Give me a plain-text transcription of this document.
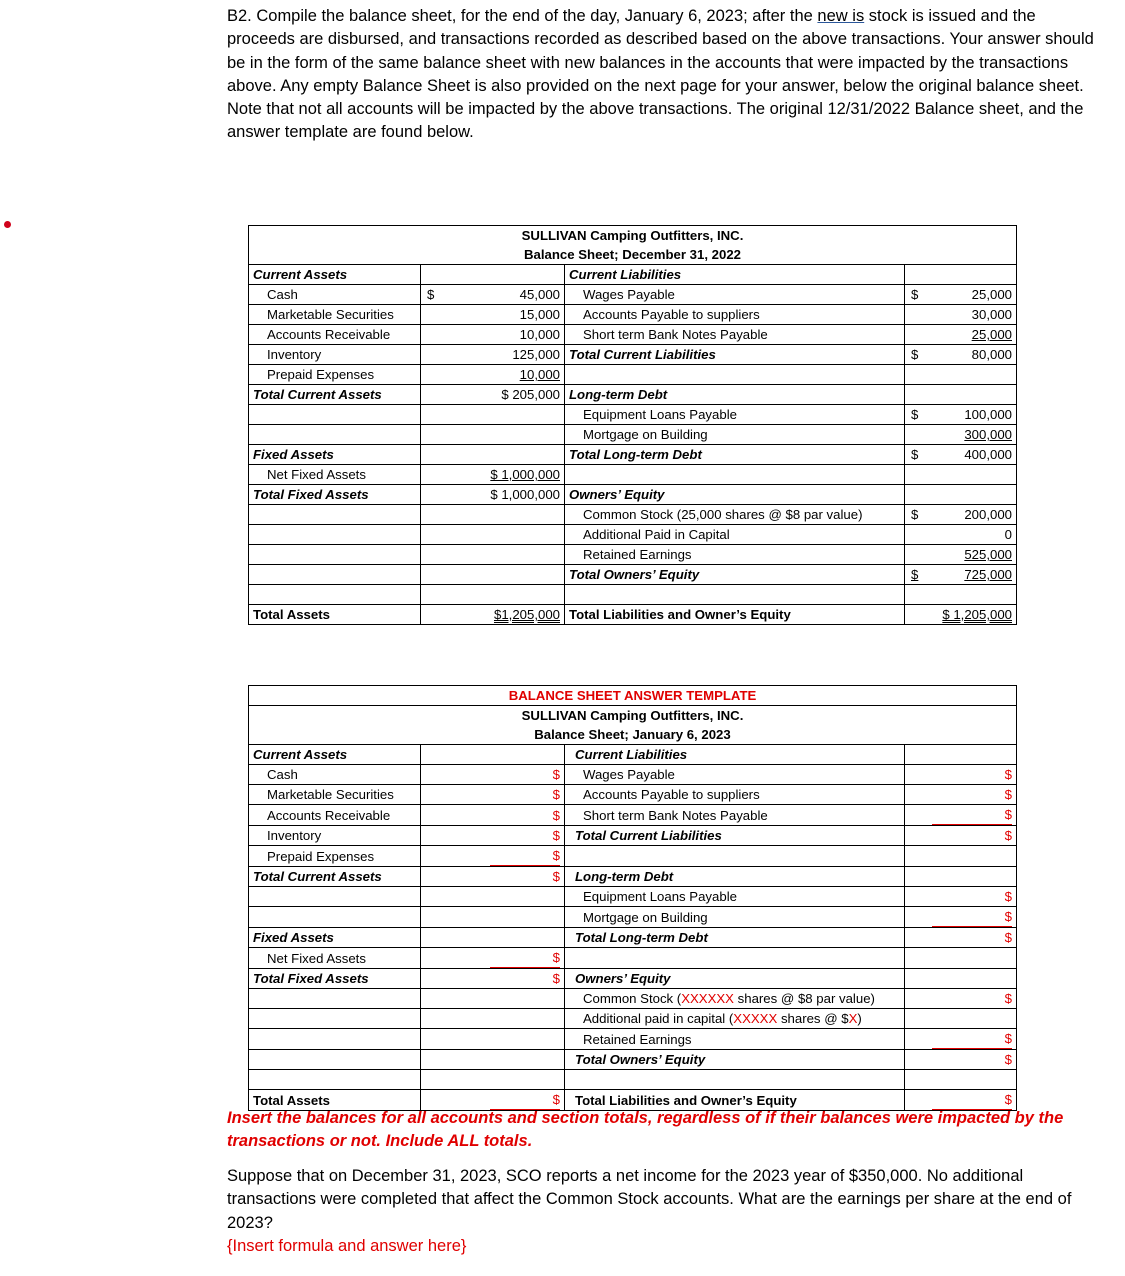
B2. Compile the balance sheet, for the end of the day, January 6, 2023; after the new is stock is issued and the proceeds are disbursed, and transactions recorded as described based on the above transactions. Your answer should be in the form of the same balance sheet with new balances in the accounts that were impacted by the transactions above. Any empty Balance Sheet is also provided on the next page for your answer, below the original balance sheet. Note that not all accounts will be impacted by the above transactions. The original 12/31/2022 Balance sheet, and the answer template are found below.
SULLIVAN Camping Outfitters, INC.
Balance Sheet; December 31, 2022			

Current Assets		Current Liabilities	
Cash	$ 45,000	Wages Payable	$ 25,000
Marketable Securities	15,000	Accounts Payable to suppliers	30,000
Accounts Receivable	10,000	Short term Bank Notes Payable	25,000
Inventory	125,000	Total Current Liabilities	$ 80,000
Prepaid Expenses	10,000		
Total Current Assets	$ 205,000	Long-term Debt	
		Equipment Loans Payable	$ 100,000
		Mortgage on Building	300,000
Fixed Assets		Total Long-term Debt	$ 400,000
Net Fixed Assets	$ 1,000,000		
Total Fixed Assets	$ 1,000,000	Owners’ Equity	
		Common Stock (25,000 shares @ $8 par value)	$ 200,000
		Additional Paid in Capital	0
		Retained Earnings	525,000
		Total Owners’ Equity	$ 725,000

Total Assets	$1,205,000	Total Liabilities and Owner’s Equity	$ 1,205,000
BALANCE SHEET ANSWER TEMPLATE			

SULLIVAN Camping Outfitters, INC.
Balance Sheet; January 6, 2023			

Current Assets		Current Liabilities	
Cash	$	Wages Payable	$
Marketable Securities	$	Accounts Payable to suppliers	$
Accounts Receivable	$	Short term Bank Notes Payable	$
Inventory	$	Total Current Liabilities	$
Prepaid Expenses	$		
Total Current Assets	$	Long-term Debt	
		Equipment Loans Payable	$
		Mortgage on Building	$
Fixed Assets		Total Long-term Debt	$
Net Fixed Assets	$		
Total Fixed Assets	$	Owners’ Equity	
		Common Stock (XXXXXX shares @ $8 par value)	$
		Additional paid in capital (XXXXX shares @ $X)	
		Retained Earnings	$
		Total Owners’ Equity	$

Total Assets	$	Total Liabilities and Owner’s Equity	$
Insert the balances for all accounts and section totals, regardless of if their balances were impacted by the transactions or not. Include ALL totals.
Suppose that on December 31, 2023, SCO reports a net income for the 2023 year of $350,000. No additional transactions were completed that affect the Common Stock accounts. What are the earnings per share at the end of 2023?
{Insert formula and answer here}
